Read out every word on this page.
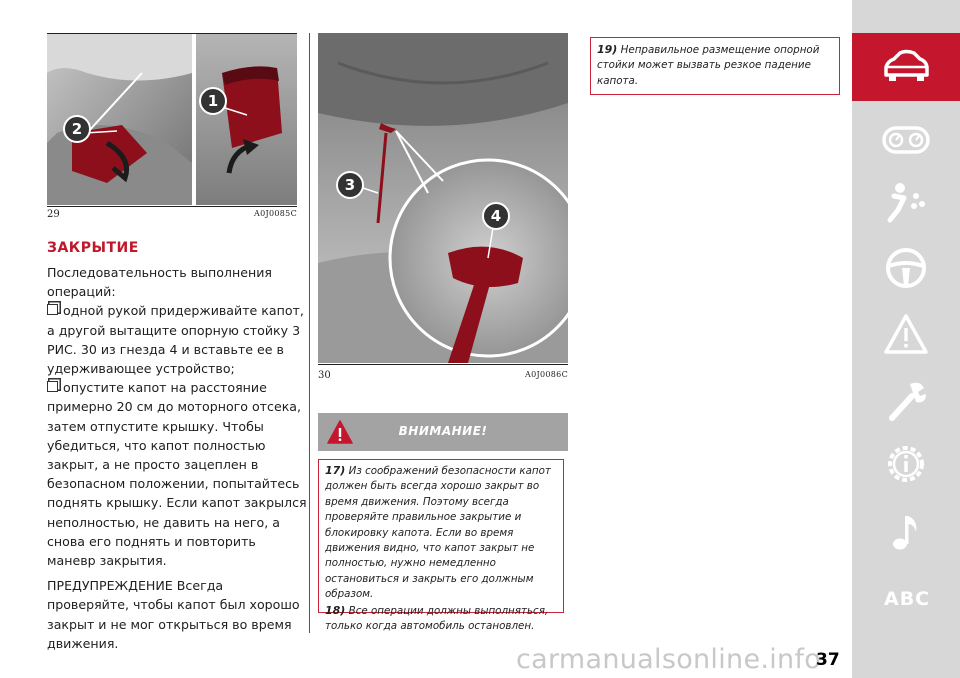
2
1
29	A0J0085C
ЗАКРЫТИЕ

Последовательность выполнения операций:

одной рукой придерживайте капот, а другой вытащите опорную стойку 3 РИС. 30 из гнезда 4 и вставьте ее в удерживающее устройство;

опустите капот на расстояние примерно 20 см до моторного отсека, затем отпустите крышку. Чтобы убедиться, что капот полностью закрыт, а не просто зацеплен в безопасном положении, попытайтесь поднять крышку. Если капот закрылся неполностью, не давить на него, а снова его поднять и повторить маневр закрытия.

ПРЕДУПРЕЖДЕНИЕ Всегда проверяйте, чтобы капот был хорошо закрыт и не мог открыться во время движения.

3
4
30	A0J0086C
ВНИМАНИЕ!

17) Из соображений безопасности капот должен быть всегда хорошо закрыт во время движения. Поэтому всегда проверяйте правильное закрытие и блокировку капота. Если во время движения видно, что капот закрыт не полностью, нужно немедленно остановиться и закрыть его должным образом.

18) Все операции должны выполняться, только когда автомобиль остановлен.

19) Неправильное размещение опорной стойки может вызвать резкое падение капота.

ABC
carmanualsonline.info
37
